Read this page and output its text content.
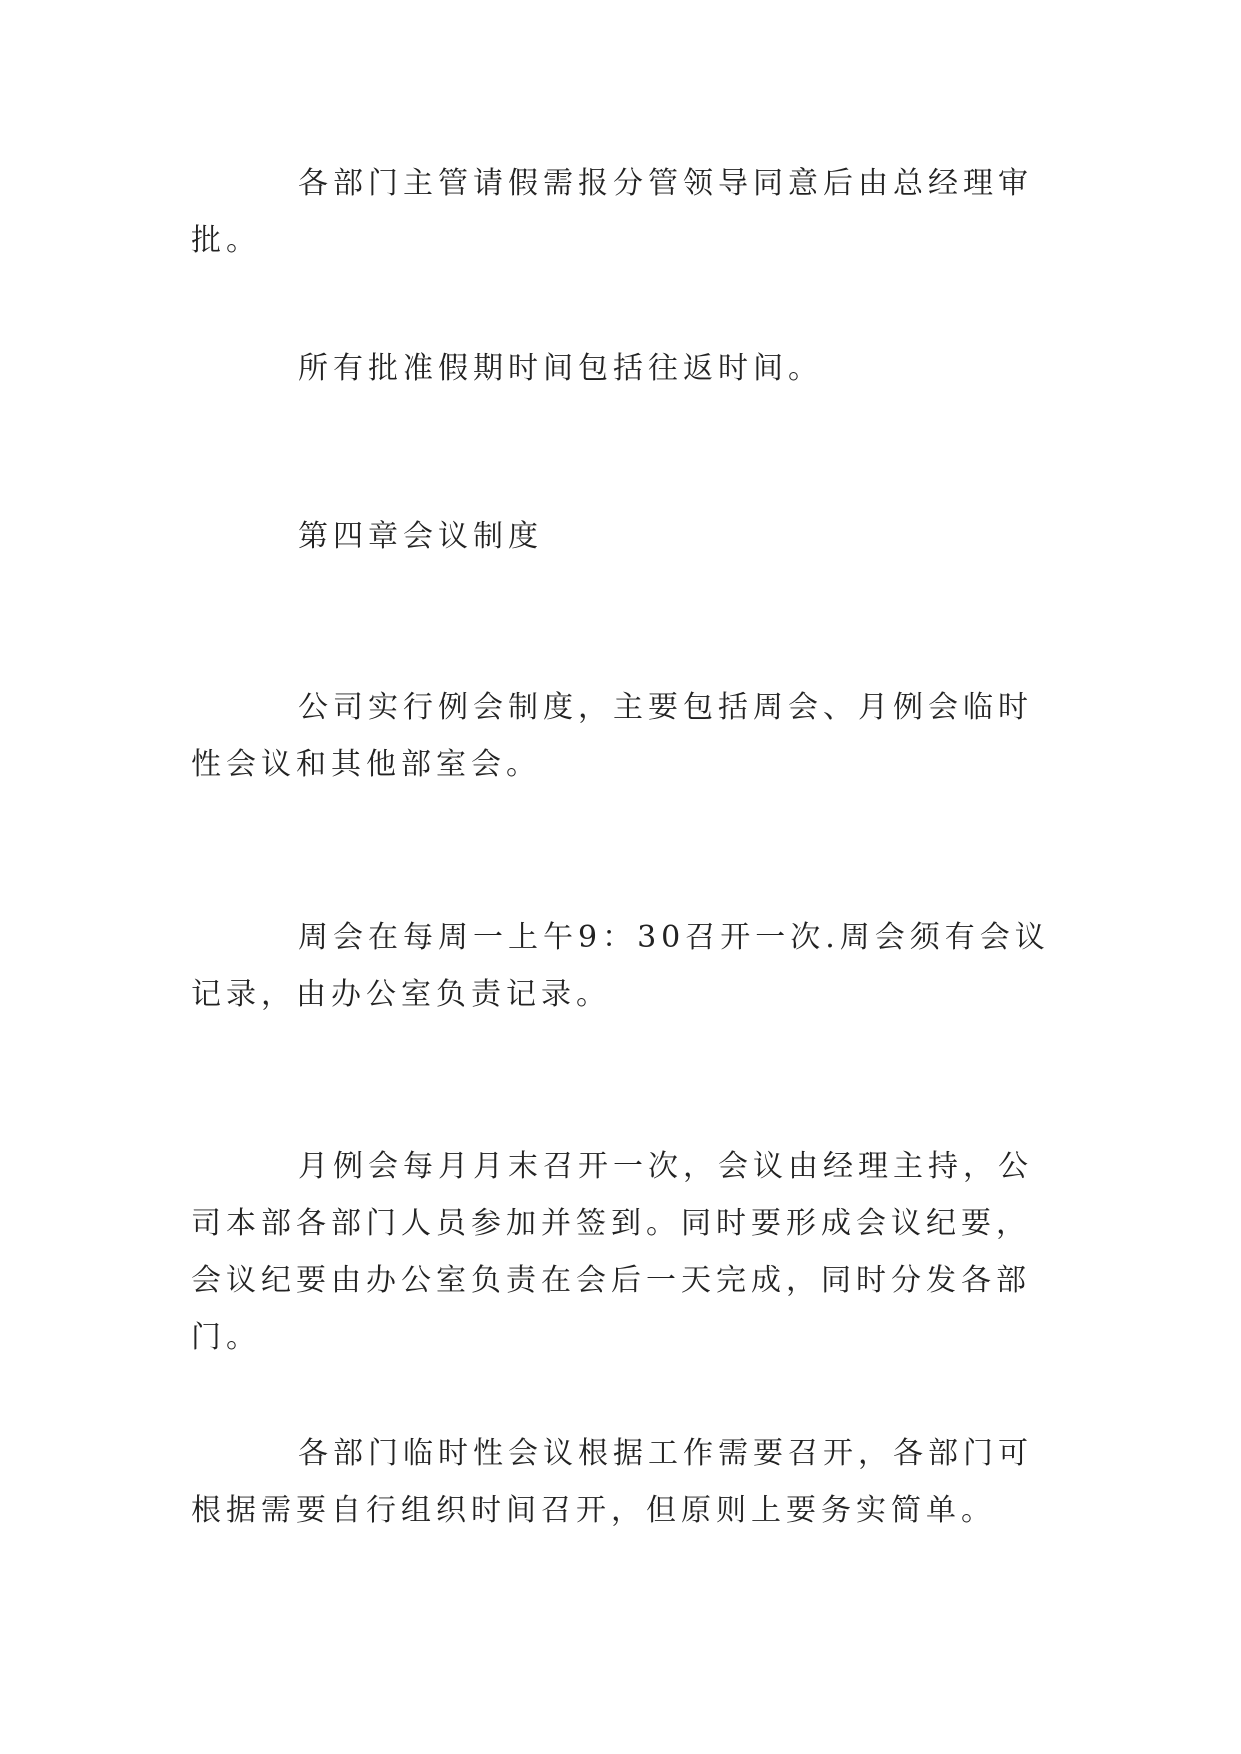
各部门主管请假需报分管领导同意后由总经理审批。

所有批准假期时间包括往返时间。

第四章会议制度

公司实行例会制度，主要包括周会、月例会临时性会议和其他部室会。

周会在每周一上午9：30召开一次.周会须有会议记录，由办公室负责记录。

月例会每月月末召开一次，会议由经理主持，公司本部各部门人员参加并签到。同时要形成会议纪要，会议纪要由办公室负责在会后一天完成，同时分发各部门。

各部门临时性会议根据工作需要召开，各部门可根据需要自行组织时间召开，但原则上要务实简单。
